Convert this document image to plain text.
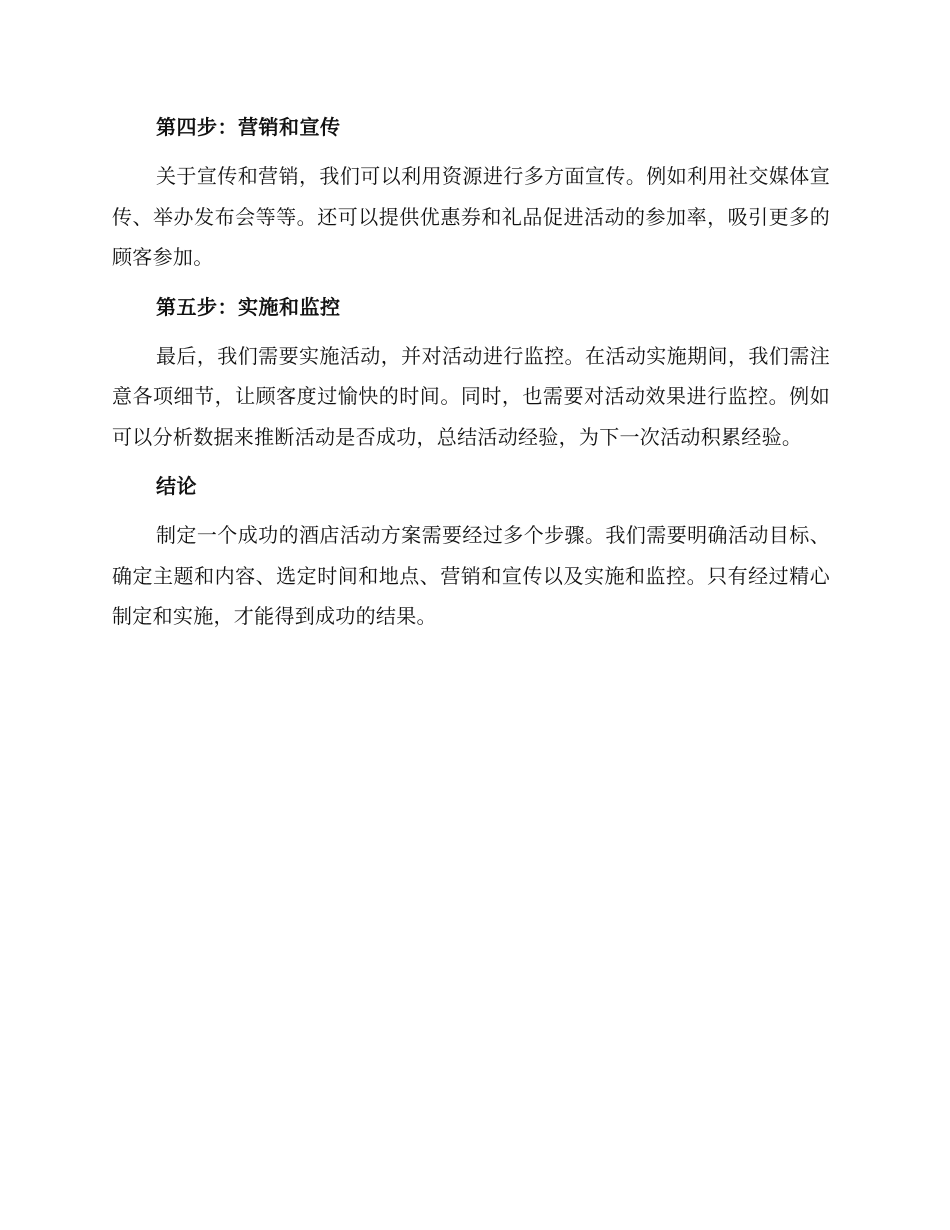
第四步：营销和宣传

关于宣传和营销，我们可以利用资源进行多方面宣传。例如利用社交媒体宣传、举办发布会等等。还可以提供优惠券和礼品促进活动的参加率，吸引更多的顾客参加。

第五步：实施和监控

最后，我们需要实施活动，并对活动进行监控。在活动实施期间，我们需注意各项细节，让顾客度过愉快的时间。同时，也需要对活动效果进行监控。例如可以分析数据来推断活动是否成功，总结活动经验，为下一次活动积累经验。

结论

制定一个成功的酒店活动方案需要经过多个步骤。我们需要明确活动目标、确定主题和内容、选定时间和地点、营销和宣传以及实施和监控。只有经过精心制定和实施，才能得到成功的结果。
